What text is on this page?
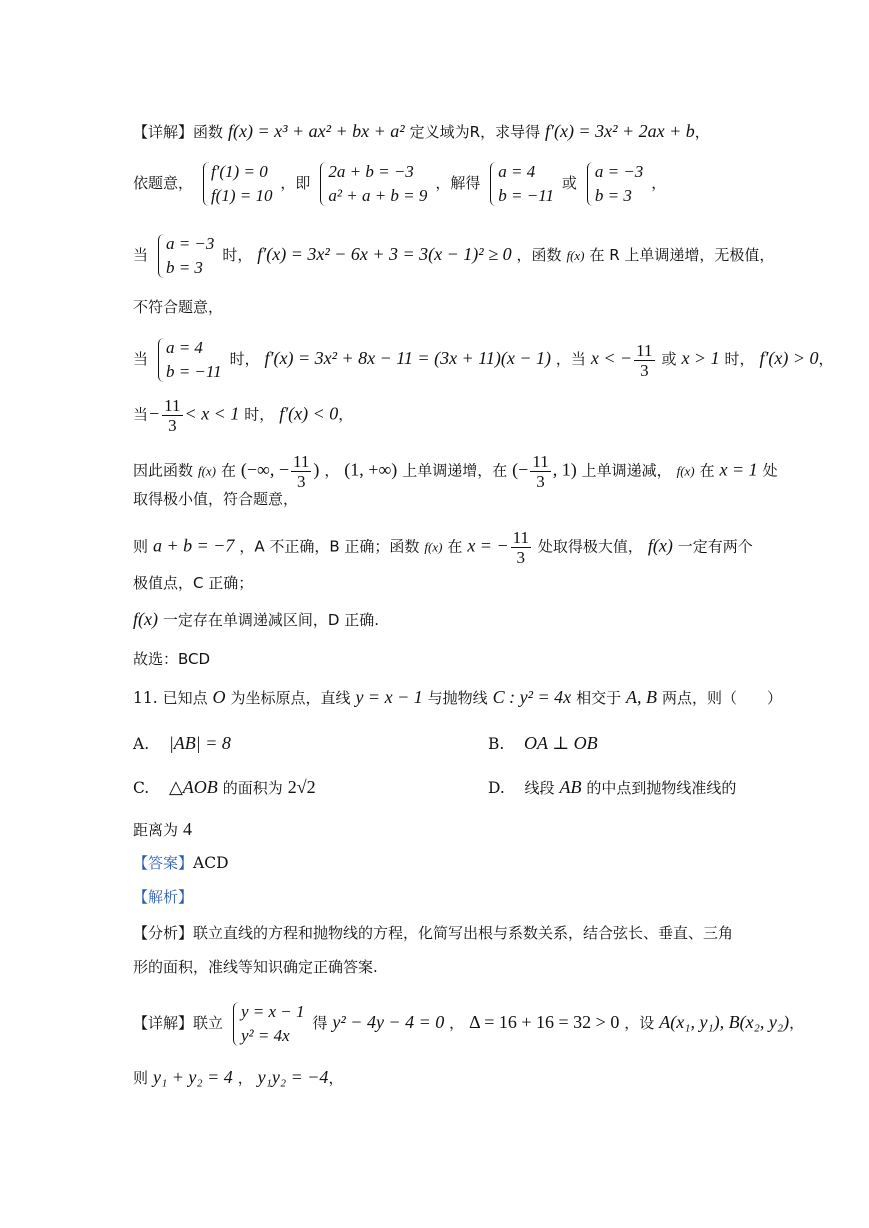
【详解】函数 f(x) = x³ + ax² + bx + a² 定义域为R，求导得 f′(x) = 3x² + 2ax + b，
依题意，
f′(1) = 0
f(1) = 10
，即
2a + b = −3
a² + a + b = 9
，解得
a = 4
b = −11
或
a = −3
b = 3
，
当
a = −3
b = 3
时， f′(x) = 3x² − 6x + 3 = 3(x − 1)² ≥ 0 ，函数 f(x) 在 R 上单调递增，无极值，
不符合题意，
当
a = 4
b = −11
时， f′(x) = 3x² + 8x − 11 = (3x + 11)(x − 1) ，当 x < − $\frac{11}{3}$ 或 x > 1 时， f′(x) > 0，
当− $\frac{11}{3} < x < 1$ 时， f′(x) < 0，
因此函数 f(x) 在 (−∞, − $\frac{11}{3}$ ) ， (1, +∞) 上单调递增，在 (− $\frac{11}{3}$ , 1) 上单调递减， f(x) 在 x = 1 处
取得极小值，符合题意，
则 a + b = −7 ，A 不正确，B 正确；函数 f(x) 在 x = − $\frac{11}{3}$ 处取得极大值， f(x) 一定有两个
极值点，C 正确；
f(x) 一定存在单调递减区间，D 正确.
故选：BCD
11. 已知点 O 为坐标原点，直线 y = x − 1 与抛物线 C : y² = 4x 相交于 A, B 两点，则（　　）
A. |AB| = 8	B. OA ⊥ OB
C. △AOB 的面积为 2√2	D. 线段 AB 的中点到抛物线准线的
距离为 4
【答案】ACD
【解析】
【分析】联立直线的方程和抛物线的方程，化简写出根与系数关系，结合弦长、垂直、三角
形的面积，准线等知识确定正确答案.
【详解】联立
y = x − 1
y² = 4x
得 y² − 4y − 4 = 0 ， Δ = 16 + 16 = 32 > 0 ，设 A(x₁, y₁), B(x₂, y₂)，
则 y₁ + y₂ = 4 ， y₁y₂ = −4，
